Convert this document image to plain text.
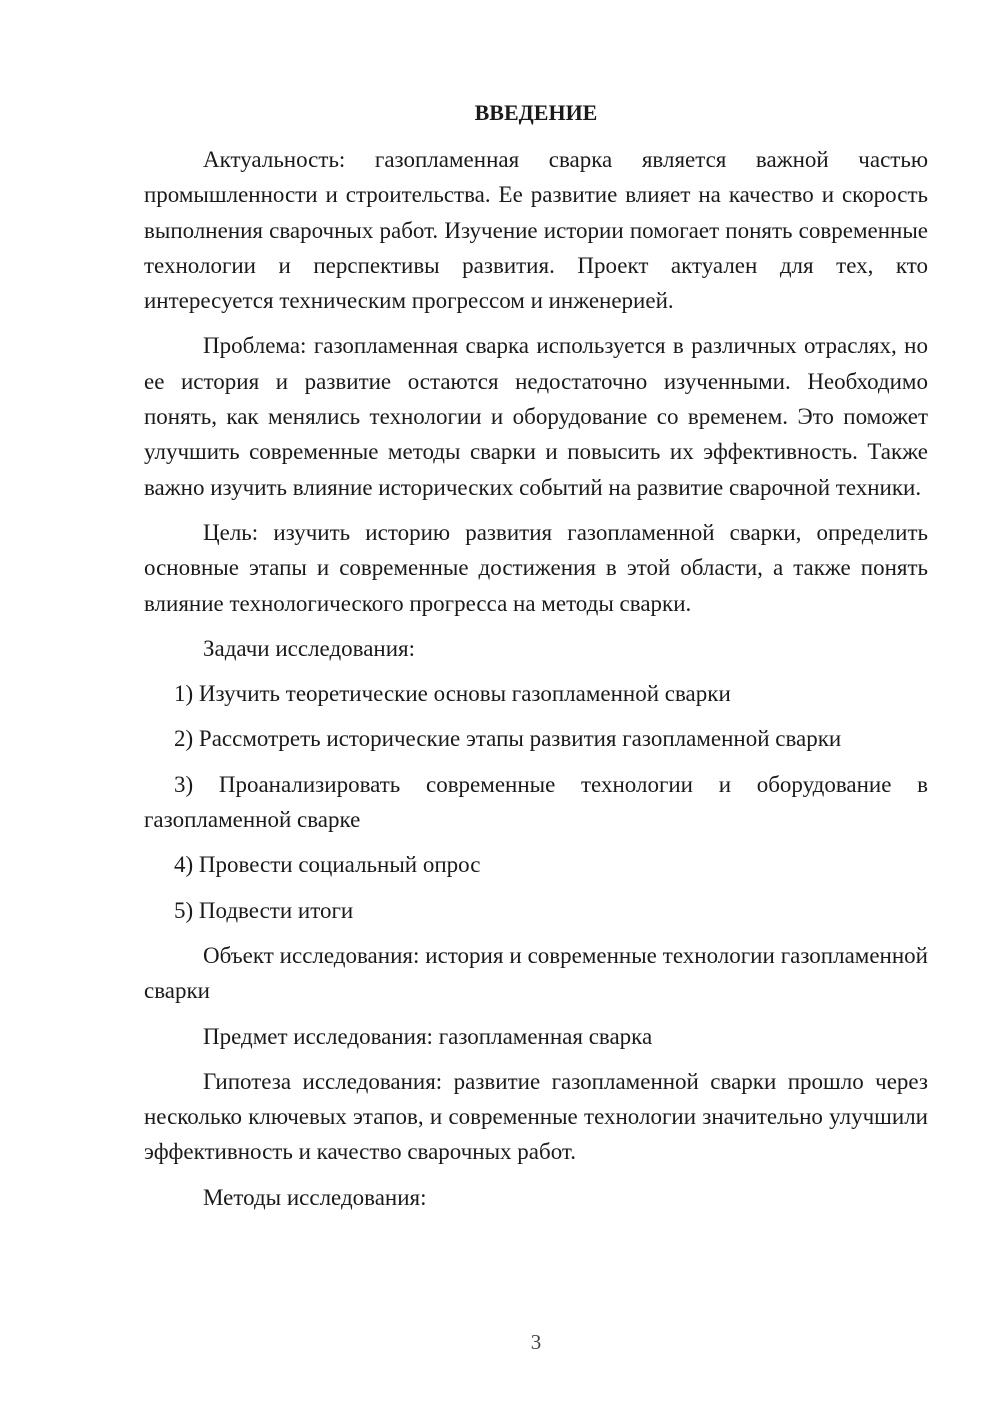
ВВЕДЕНИЕ

Актуальность: газопламенная сварка является важной частью промышленности и строительства. Ее развитие влияет на качество и скорость выполнения сварочных работ. Изучение истории помогает понять современные технологии и перспективы развития. Проект актуален для тех, кто интересуется техническим прогрессом и инженерией.

Проблема: газопламенная сварка используется в различных отраслях, но ее история и развитие остаются недостаточно изученными. Необходимо понять, как менялись технологии и оборудование со временем. Это поможет улучшить современные методы сварки и повысить их эффективность. Также важно изучить влияние исторических событий на развитие сварочной техники.

Цель: изучить историю развития газопламенной сварки, определить основные этапы и современные достижения в этой области, а также понять влияние технологического прогресса на методы сварки.

Задачи исследования:

1) Изучить теоретические основы газопламенной сварки

2) Рассмотреть исторические этапы развития газопламенной сварки

3) Проанализировать современные технологии и оборудование в газопламенной сварке

4) Провести социальный опрос

5) Подвести итоги

Объект исследования: история и современные технологии газопламенной сварки

Предмет исследования: газопламенная сварка

Гипотеза исследования: развитие газопламенной сварки прошло через несколько ключевых этапов, и современные технологии значительно улучшили эффективность и качество сварочных работ.

Методы исследования:

3
